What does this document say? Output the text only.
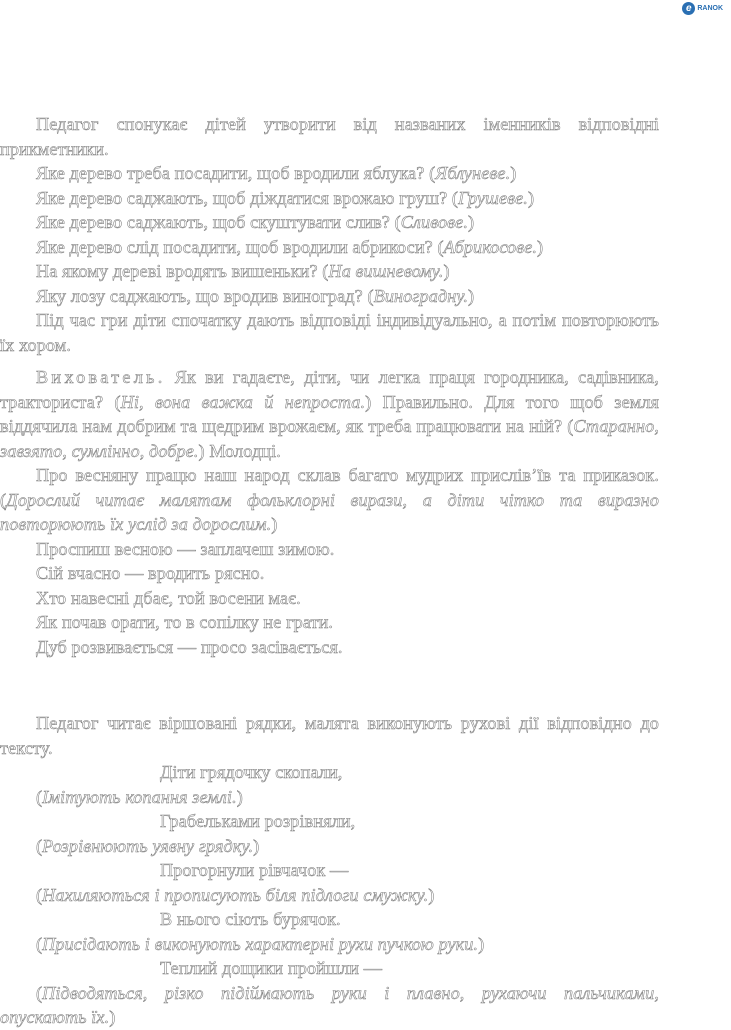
e RANOK

Педагог спонукає дітей утворити від названих іменників відповідні прикметники.

Яке дерево треба посадити, щоб вродили яблука? (Яблуневе.)

Яке дерево саджають, щоб діждатися врожаю груш? (Грушеве.)

Яке дерево саджають, щоб скуштувати слив? (Сливове.)

Яке дерево слід посадити, щоб вродили абрикоси? (Абрикосове.)

На якому дереві вродять вишеньки? (На вишневому.)

Яку лозу саджають, що вродив виноград? (Виноградну.)

Під час гри діти спочатку дають відповіді індивідуально, а потім повторюють їх хором.

Вихователь. Як ви гадаєте, діти, чи легка праця городника, садівника, тракториста? (Ні, вона важка й непроста.) Правильно. Для того щоб земля віддячила нам добрим та щедрим врожаєм, як треба працювати на ній? (Старанно, завзято, сумлінно, добре.) Молодці.

Про весняну працю наш народ склав багато мудрих прислів’їв та приказок. (Дорослий читає малятам фольклорні вирази, а діти чітко та виразно повторюють їх услід за дорослим.)

Проспиш весною — заплачеш зимою.

Сій вчасно — вродить рясно.

Хто навесні дбає, той восени має.

Як почав орати, то в сопілку не грати.

Дуб розвивається — просо засівається.

Педагог читає віршовані рядки, малята виконують рухові дії відповідно до тексту.

Діти грядочку скопали,

(Імітують копання землі.)

Грабельками розрівняли,

(Розрівнюють уявну грядку.)

Прогорнули рівчачок —

(Нахиляються і прописують біля підлоги смужку.)

В нього сіють бурячок.

(Присідають і виконують характерні рухи пучкою руки.)

Теплий дощики пройшли —

(Підводяться, різко підіймають руки і плавно, рухаючи пальчиками, опускають їх.)
